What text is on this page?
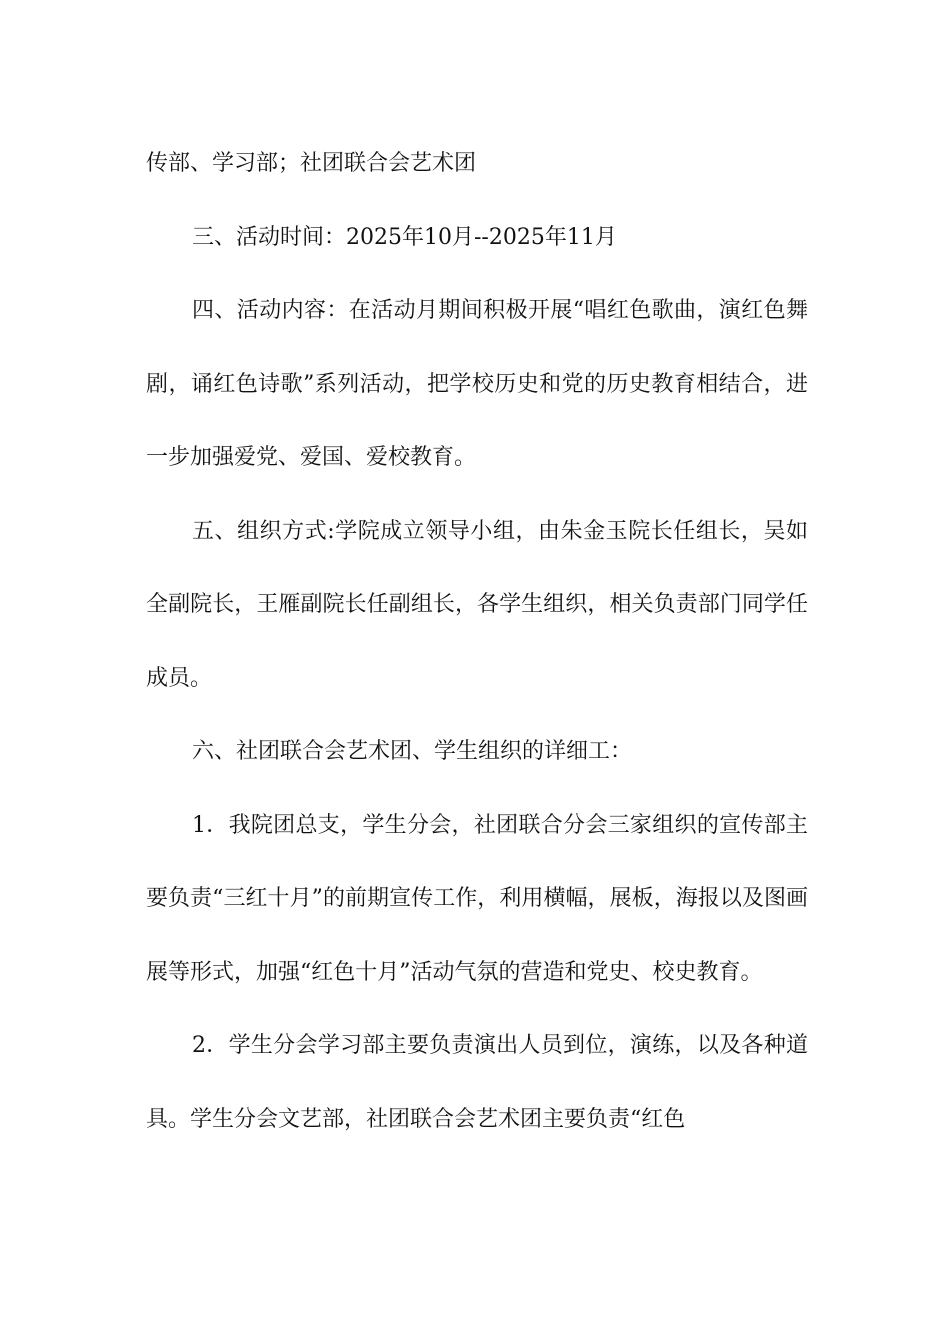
传部、学习部；社团联合会艺术团

三、活动时间：2025年10月--2025年11月

四、活动内容：在活动月期间积极开展“唱红色歌曲，演红色舞剧，诵红色诗歌”系列活动，把学校历史和党的历史教育相结合，进一步加强爱党、爱国、爱校教育。

五、组织方式:学院成立领导小组，由朱金玉院长任组长，吴如全副院长，王雁副院长任副组长，各学生组织，相关负责部门同学任成员。

六、社团联合会艺术团、学生组织的详细工：

1．我院团总支，学生分会，社团联合分会三家组织的宣传部主要负责“三红十月”的前期宣传工作，利用横幅，展板，海报以及图画展等形式，加强“红色十月”活动气氛的营造和党史、校史教育。

2．学生分会学习部主要负责演出人员到位，演练，以及各种道具。学生分会文艺部，社团联合会艺术团主要负责“红色
